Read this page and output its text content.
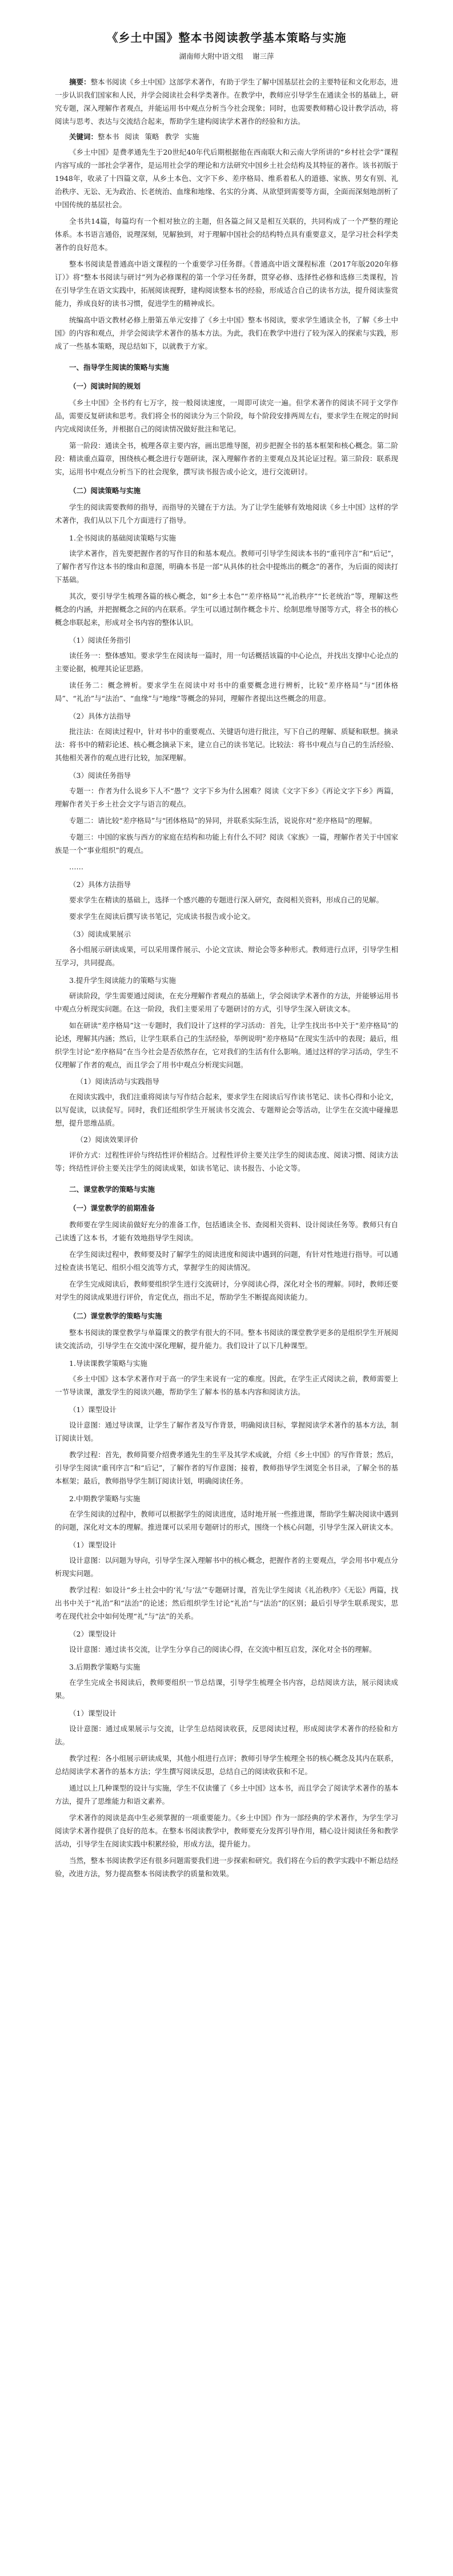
《乡土中国》整本书阅读教学基本策略与实施
湖南师大附中语文组 谢三萍

摘要：整本书阅读《乡土中国》这部学术著作，有助于学生了解中国基层社会的主要特征和文化形态，进一步认识我们国家和人民，并学会阅读社会科学类著作。在教学中，教师应引导学生在通读全书的基础上，研究专题，深入理解作者观点，并能运用书中观点分析当今社会现象；同时，也需要教师精心设计教学活动，将阅读与思考、表达与交流结合起来，帮助学生建构阅读学术著作的经验和方法。

关键词：整本书 阅读 策略 教学 实施

《乡土中国》是费孝通先生于20世纪40年代后期根据他在西南联大和云南大学所讲的“乡村社会学”课程内容写成的一部社会学著作，是运用社会学的理论和方法研究中国乡土社会结构及其特征的著作。该书初版于1948年，收录了十四篇文章，从乡土本色、文字下乡、差序格局、维系着私人的道德、家族、男女有别、礼治秩序、无讼、无为政治、长老统治、血缘和地缘、名实的分离、从欲望到需要等方面，全面而深刻地剖析了中国传统的基层社会。

全书共14篇，每篇均有一个相对独立的主题，但各篇之间又是相互关联的，共同构成了一个严整的理论体系。本书语言通俗，说理深刻，见解独到，对于理解中国社会的结构特点具有重要意义，是学习社会科学类著作的良好范本。

整本书阅读是普通高中语文课程的一个重要学习任务群。《普通高中语文课程标准（2017年版2020年修订）》将“整本书阅读与研讨”列为必修课程的第一个学习任务群，贯穿必修、选择性必修和选修三类课程，旨在引导学生在语文实践中，拓展阅读视野，建构阅读整本书的经验，形成适合自己的读书方法，提升阅读鉴赏能力，养成良好的读书习惯，促进学生的精神成长。

统编高中语文教材必修上册第五单元安排了《乡土中国》整本书阅读，要求学生通读全书，了解《乡土中国》的内容和观点，并学会阅读学术著作的基本方法。为此，我们在教学中进行了较为深入的探索与实践，形成了一些基本策略，现总结如下，以就教于方家。

一、指导学生阅读的策略与实施
（一）阅读时间的规划

《乡土中国》全书约有七万字，按一般阅读速度，一周即可读完一遍。但学术著作的阅读不同于文学作品，需要反复研读和思考。我们将全书的阅读分为三个阶段，每个阶段安排两周左右，要求学生在规定的时间内完成阅读任务，并根据自己的阅读情况做好批注和笔记。

第一阶段：通读全书，梳理各章主要内容，画出思维导图，初步把握全书的基本框架和核心概念。第二阶段：精读重点篇章，围绕核心概念进行专题研读，深入理解作者的主要观点及其论证过程。第三阶段：联系现实，运用书中观点分析当下的社会现象，撰写读书报告或小论文，进行交流研讨。

（二）阅读策略与实施

学生的阅读需要教师的指导，而指导的关键在于方法。为了让学生能够有效地阅读《乡土中国》这样的学术著作，我们从以下几个方面进行了指导。

1.全书阅读的基础阅读策略与实施

读学术著作，首先要把握作者的写作目的和基本观点。教师可引导学生阅读本书的“重刊序言”和“后记”，了解作者写作这本书的缘由和意图，明确本书是一部“从具体的社会中提炼出的概念”的著作，为后面的阅读打下基础。

其次，要引导学生梳理各篇的核心概念，如“乡土本色”“差序格局”“礼治秩序”“长老统治”等，理解这些概念的内涵，并把握概念之间的内在联系。学生可以通过制作概念卡片、绘制思维导图等方式，将全书的核心概念串联起来，形成对全书内容的整体认识。

（1）阅读任务指引

读任务一：整体感知。要求学生在阅读每一篇时，用一句话概括该篇的中心论点，并找出支撑中心论点的主要论据，梳理其论证思路。

读任务二：概念辨析。要求学生在阅读中对书中的重要概念进行辨析，比较“差序格局”与“团体格局”、“礼治”与“法治”、“血缘”与“地缘”等概念的异同，理解作者提出这些概念的用意。

（2）具体方法指导

批注法：在阅读过程中，针对书中的重要观点、关键语句进行批注，写下自己的理解、质疑和联想。摘录法：将书中的精彩论述、核心概念摘录下来，建立自己的读书笔记。比较法：将书中观点与自己的生活经验、其他相关著作的观点进行比较，加深理解。

（3）阅读任务指导

专题一：作者为什么说乡下人不“愚”？文字下乡为什么困难？阅读《文字下乡》《再论文字下乡》两篇，理解作者关于乡土社会文字与语言的观点。

专题二：请比较“差序格局”与“团体格局”的异同，并联系实际生活，说说你对“差序格局”的理解。

专题三：中国的家族与西方的家庭在结构和功能上有什么不同？阅读《家族》一篇，理解作者关于中国家族是一个“事业组织”的观点。

……

（2）具体方法指导

要求学生在精读的基础上，选择一个感兴趣的专题进行深入研究，查阅相关资料，形成自己的见解。

要求学生在阅读后撰写读书笔记，完成读书报告或小论文。

（3）阅读成果展示

各小组展示研读成果，可以采用课件展示、小论文宣读、辩论会等多种形式。教师进行点评，引导学生相互学习，共同提高。

3.提升学生阅读能力的策略与实施

研读阶段，学生需要通过阅读，在充分理解作者观点的基础上，学会阅读学术著作的方法，并能够运用书中观点分析现实问题。在这一阶段，我们主要采用了专题研讨的方式，引导学生深入研读文本。

如在研读“差序格局”这一专题时，我们设计了这样的学习活动：首先，让学生找出书中关于“差序格局”的论述，理解其内涵；然后，让学生联系自己的生活经验，举例说明“差序格局”在现实生活中的表现；最后，组织学生讨论“差序格局”在当今社会是否依然存在，它对我们的生活有什么影响。通过这样的学习活动，学生不仅理解了作者的观点，而且学会了用书中观点分析现实问题。

（1）阅读活动与实践指导

在阅读实践中，我们注重将阅读与写作结合起来，要求学生在阅读后写作读书笔记、读书心得和小论文，以写促读，以读促写。同时，我们还组织学生开展读书交流会、专题辩论会等活动，让学生在交流中碰撞思想，提升思维品质。

（2）阅读效果评价

评价方式：过程性评价与终结性评价相结合。过程性评价主要关注学生的阅读态度、阅读习惯、阅读方法等；终结性评价主要关注学生的阅读成果，如读书笔记、读书报告、小论文等。

二、课堂教学的策略与实施
（一）课堂教学的前期准备

教师要在学生阅读前做好充分的准备工作，包括通读全书、查阅相关资料、设计阅读任务等。教师只有自己读透了这本书，才能有效地指导学生阅读。

在学生阅读过程中，教师要及时了解学生的阅读进度和阅读中遇到的问题，有针对性地进行指导。可以通过检查读书笔记、组织小组交流等方式，掌握学生的阅读情况。

在学生完成阅读后，教师要组织学生进行交流研讨，分享阅读心得，深化对全书的理解。同时，教师还要对学生的阅读成果进行评价，肯定优点，指出不足，帮助学生不断提高阅读能力。

（二）课堂教学的策略与实施

整本书阅读的课堂教学与单篇课文的教学有很大的不同。整本书阅读的课堂教学更多的是组织学生开展阅读交流活动，引导学生在交流中深化理解，提升能力。我们设计了以下几种课型。

1.导读课教学策略与实施

《乡土中国》这本学术著作对于高一的学生来说有一定的难度。因此，在学生正式阅读之前，教师需要上一节导读课，激发学生的阅读兴趣，帮助学生了解本书的基本内容和阅读方法。

（1）课型设计

设计意图：通过导读课，让学生了解作者及写作背景，明确阅读目标，掌握阅读学术著作的基本方法，制订阅读计划。

教学过程：首先，教师简要介绍费孝通先生的生平及其学术成就，介绍《乡土中国》的写作背景；然后，引导学生阅读“重刊序言”和“后记”，了解作者的写作意图；接着，教师指导学生浏览全书目录，了解全书的基本框架；最后，教师指导学生制订阅读计划，明确阅读任务。

2.中期教学策略与实施

在学生阅读的过程中，教师可以根据学生的阅读进度，适时地开展一些推进课，帮助学生解决阅读中遇到的问题，深化对文本的理解。推进课可以采用专题研讨的形式，围绕一个核心问题，引导学生深入研读文本。

（1）课型设计

设计意图：以问题为导向，引导学生深入理解书中的核心概念，把握作者的主要观点，学会用书中观点分析现实问题。

教学过程：如设计“乡土社会中的‘礼’与‘法’”专题研讨课，首先让学生阅读《礼治秩序》《无讼》两篇，找出书中关于“礼治”和“法治”的论述；然后组织学生讨论“礼治”与“法治”的区别；最后引导学生联系现实，思考在现代社会中如何处理“礼”与“法”的关系。

（2）课型设计

设计意图：通过读书交流，让学生分享自己的阅读心得，在交流中相互启发，深化对全书的理解。

3.后期教学策略与实施

在学生完成全书阅读后，教师要组织一节总结课，引导学生梳理全书内容，总结阅读方法，展示阅读成果。

（1）课型设计

设计意图：通过成果展示与交流，让学生总结阅读收获，反思阅读过程，形成阅读学术著作的经验和方法。

教学过程：各小组展示研读成果，其他小组进行点评；教师引导学生梳理全书的核心概念及其内在联系，总结阅读学术著作的基本方法；学生撰写阅读反思，总结自己的阅读收获和不足。

通过以上几种课型的设计与实施，学生不仅读懂了《乡土中国》这本书，而且学会了阅读学术著作的基本方法，提升了思维能力和语文素养。

学术著作的阅读是高中生必须掌握的一项重要能力。《乡土中国》作为一部经典的学术著作，为学生学习阅读学术著作提供了良好的范本。在整本书阅读教学中，教师要充分发挥引导作用，精心设计阅读任务和教学活动，引导学生在阅读实践中积累经验，形成方法，提升能力。

当然，整本书阅读教学还有很多问题需要我们进一步探索和研究。我们将在今后的教学实践中不断总结经验，改进方法，努力提高整本书阅读教学的质量和效果。
